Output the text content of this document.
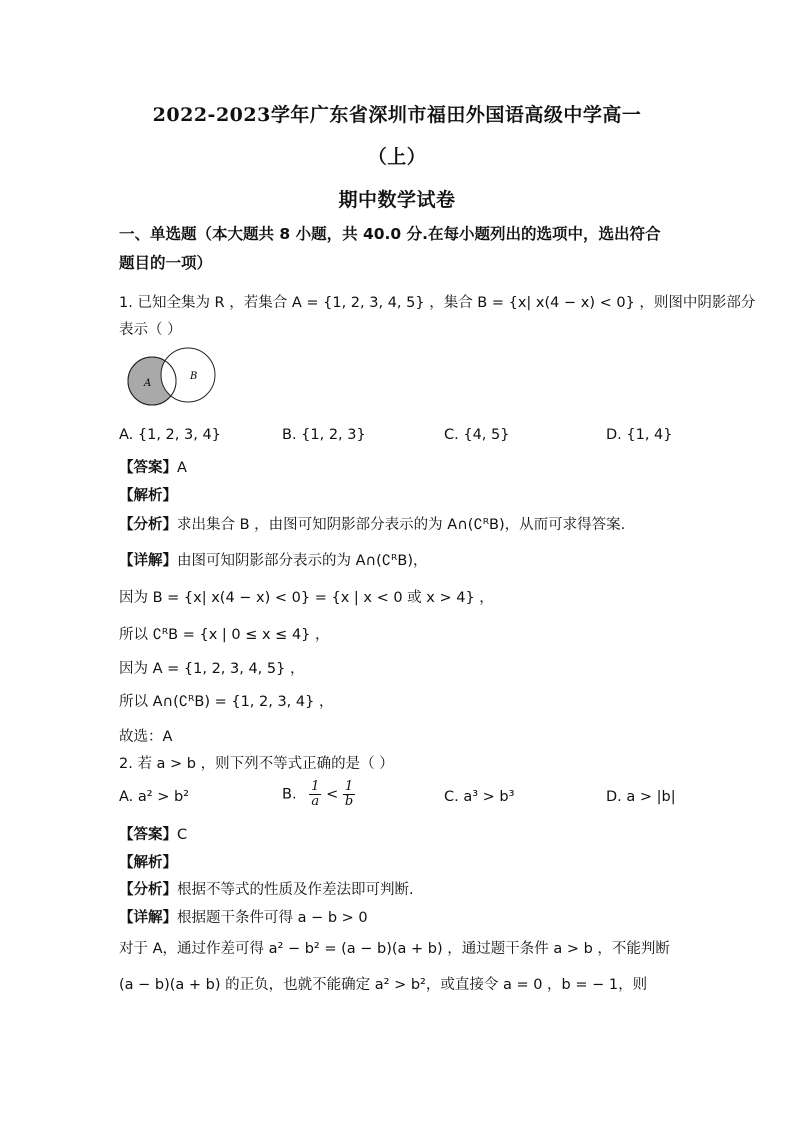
2022-2023学年广东省深圳市福田外国语高级中学高一
（上）
期中数学试卷
一、单选题（本大题共 8 小题，共 40.0 分.在每小题列出的选项中，选出符合
题目的一项）
1. 已知全集为 R ，若集合 A = {1, 2, 3, 4, 5} ，集合 B = {x| x(4 − x) < 0} ，则图中阴影部分
表示（ ）
A
B
A. {1, 2, 3, 4}	B. {1, 2, 3}	C. {4, 5}	D. {1, 4}
【答案】A
【解析】
【分析】求出集合 B ，由图可知阴影部分表示的为 A∩(∁ᴿB)，从而可求得答案.
【详解】由图可知阴影部分表示的为 A∩(∁ᴿB)，
因为 B = {x| x(4 − x) < 0} = {x | x < 0 或 x > 4} ，
所以 ∁ᴿB = {x | 0 ≤ x ≤ 4} ，
因为 A = {1, 2, 3, 4, 5} ，
所以 A∩(∁ᴿB) = {1, 2, 3, 4} ，
故选：A
2. 若 a > b ，则下列不等式正确的是（ ）
A. a² > b²	B. $\frac{1}{a} < \frac{1}{b}$	C. a³ > b³	D. a > |b|
【答案】C
【解析】
【分析】根据不等式的性质及作差法即可判断.
【详解】根据题干条件可得 a − b > 0
对于 A，通过作差可得 a² − b² = (a − b)(a + b) ，通过题干条件 a > b ，不能判断
(a − b)(a + b) 的正负，也就不能确定 a² > b²，或直接令 a = 0 ，b = − 1，则
